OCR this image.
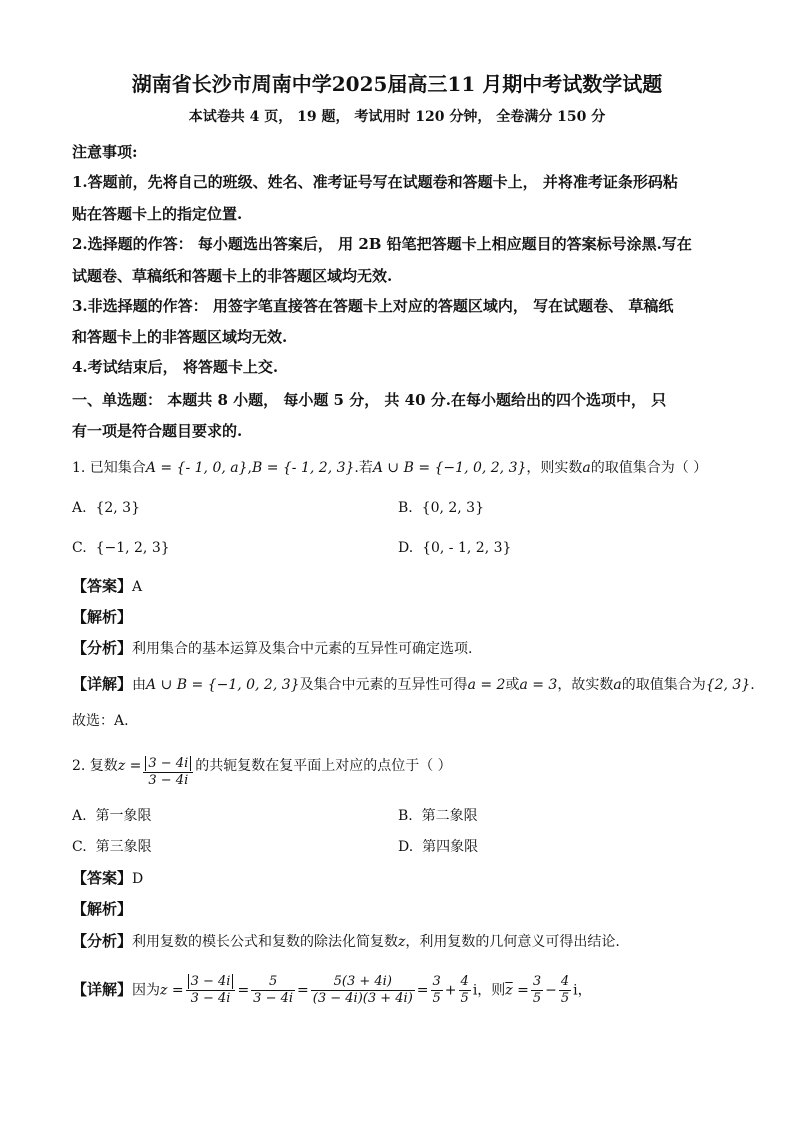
湖南省长沙市周南中学2025届高三11 月期中考试数学试题
本试卷共 4 页， 19 题， 考试用时 120 分钟， 全卷满分 150 分
注意事项:
1.答题前，先将自己的班级、姓名、准考证号写在试题卷和答题卡上， 并将准考证条形码粘
贴在答题卡上的指定位置.
2.选择题的作答： 每小题选出答案后， 用 2B 铅笔把答题卡上相应题目的答案标号涂黑.写在
试题卷、草稿纸和答题卡上的非答题区域均无效.
3.非选择题的作答： 用签字笔直接答在答题卡上对应的答题区域内， 写在试题卷、 草稿纸
和答题卡上的非答题区域均无效.
4.考试结束后， 将答题卡上交.
一、单选题： 本题共 8 小题， 每小题 5 分， 共 40 分.在每小题给出的四个选项中， 只
有一项是符合题目要求的.
1. 已知集合A = {- 1, 0, a},B = {- 1, 2, 3}.若A ∪ B = {−1, 0, 2, 3}，则实数a的取值集合为（ ）
A. {2, 3}	B. {0, 2, 3}
C. {−1, 2, 3}	D. {0, - 1, 2, 3}
【答案】A
【解析】
【分析】利用集合的基本运算及集合中元素的互异性可确定选项.
【详解】由A ∪ B = {−1, 0, 2, 3}及集合中元素的互异性可得a = 2或a = 3，故实数a的取值集合为{2, 3}.
故选：A.
2. 复数$z = \frac{3 - 4i}{3 - 4i}$ 的共轭复数在复平面上对应的点位于（ ）
A. 第一象限	B. 第二象限
C. 第三象限	D. 第四象限
【答案】D
【解析】
【分析】利用复数的模长公式和复数的除法化简复数z，利用复数的几何意义可得出结论.
【详解】因为$z = \frac{3 - 4i}{3 - 4i} = \frac{5}{3 - 4i} = \frac{5(3 + 4i)}{(3 - 4i)(3 + 4i)} = \frac{3}{5} + \frac{4}{5}$ i，则$\overline{z} = \frac{3}{5} - \frac{4}{5}$ i，
